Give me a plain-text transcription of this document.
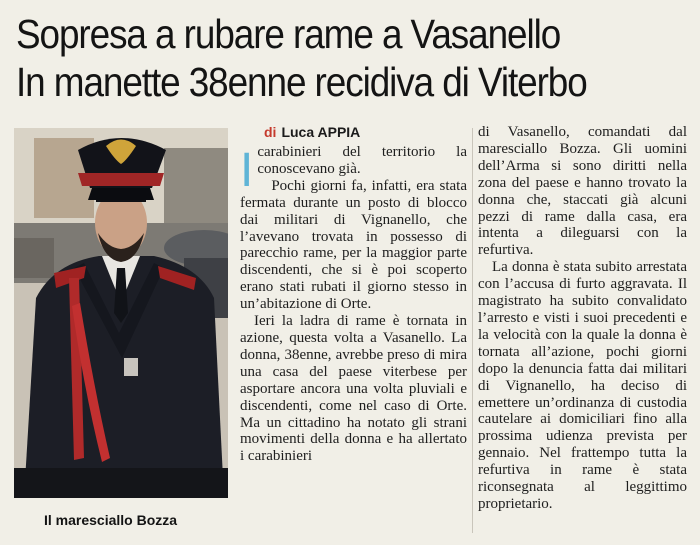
Sopresa a rubare rame a Vasanello
In manette 38enne recidiva di Viterbo
Il maresciallo Bozza
di Luca APPIA

Icarabinieri del territorio la conoscevano già.

Pochi giorni fa, infatti, era stata fermata durante un posto di blocco dai militari di Vignanello, che l’avevano trovata in possesso di parecchio rame, per la maggior parte discendenti, che si è poi scoperto erano stati rubati il giorno stesso in un’abitazione di Orte.

Ieri la ladra di rame è tornata in azione, questa volta a Vasanello. La donna, 38enne, avrebbe preso di mira una casa del paese viterbese per asportare ancora una volta pluviali e discendenti, come nel caso di Orte. Ma un cittadino ha notato gli strani movimenti della donna e ha allertato i carabinieri

di Vasanello, comandati dal maresciallo Bozza. Gli uomini dell’Arma si sono diritti nella zona del paese e hanno trovato la donna che, staccati già alcuni pezzi di rame dalla casa, era intenta a dileguarsi con la refurtiva.

La donna è stata subito arrestata con l’accusa di furto aggravata. Il magistrato ha subito convalidato l’arresto e visti i suoi precedenti e la velocità con la quale la donna è tornata all’azione, pochi giorni dopo la denuncia fatta dai militari di Vignanello, ha deciso di emettere un’ordinanza di custodia cautelare ai domiciliari fino alla prossima udienza prevista per gennaio. Nel frattempo tutta la refurtiva in rame è stata riconsegnata al leggittimo proprietario.
